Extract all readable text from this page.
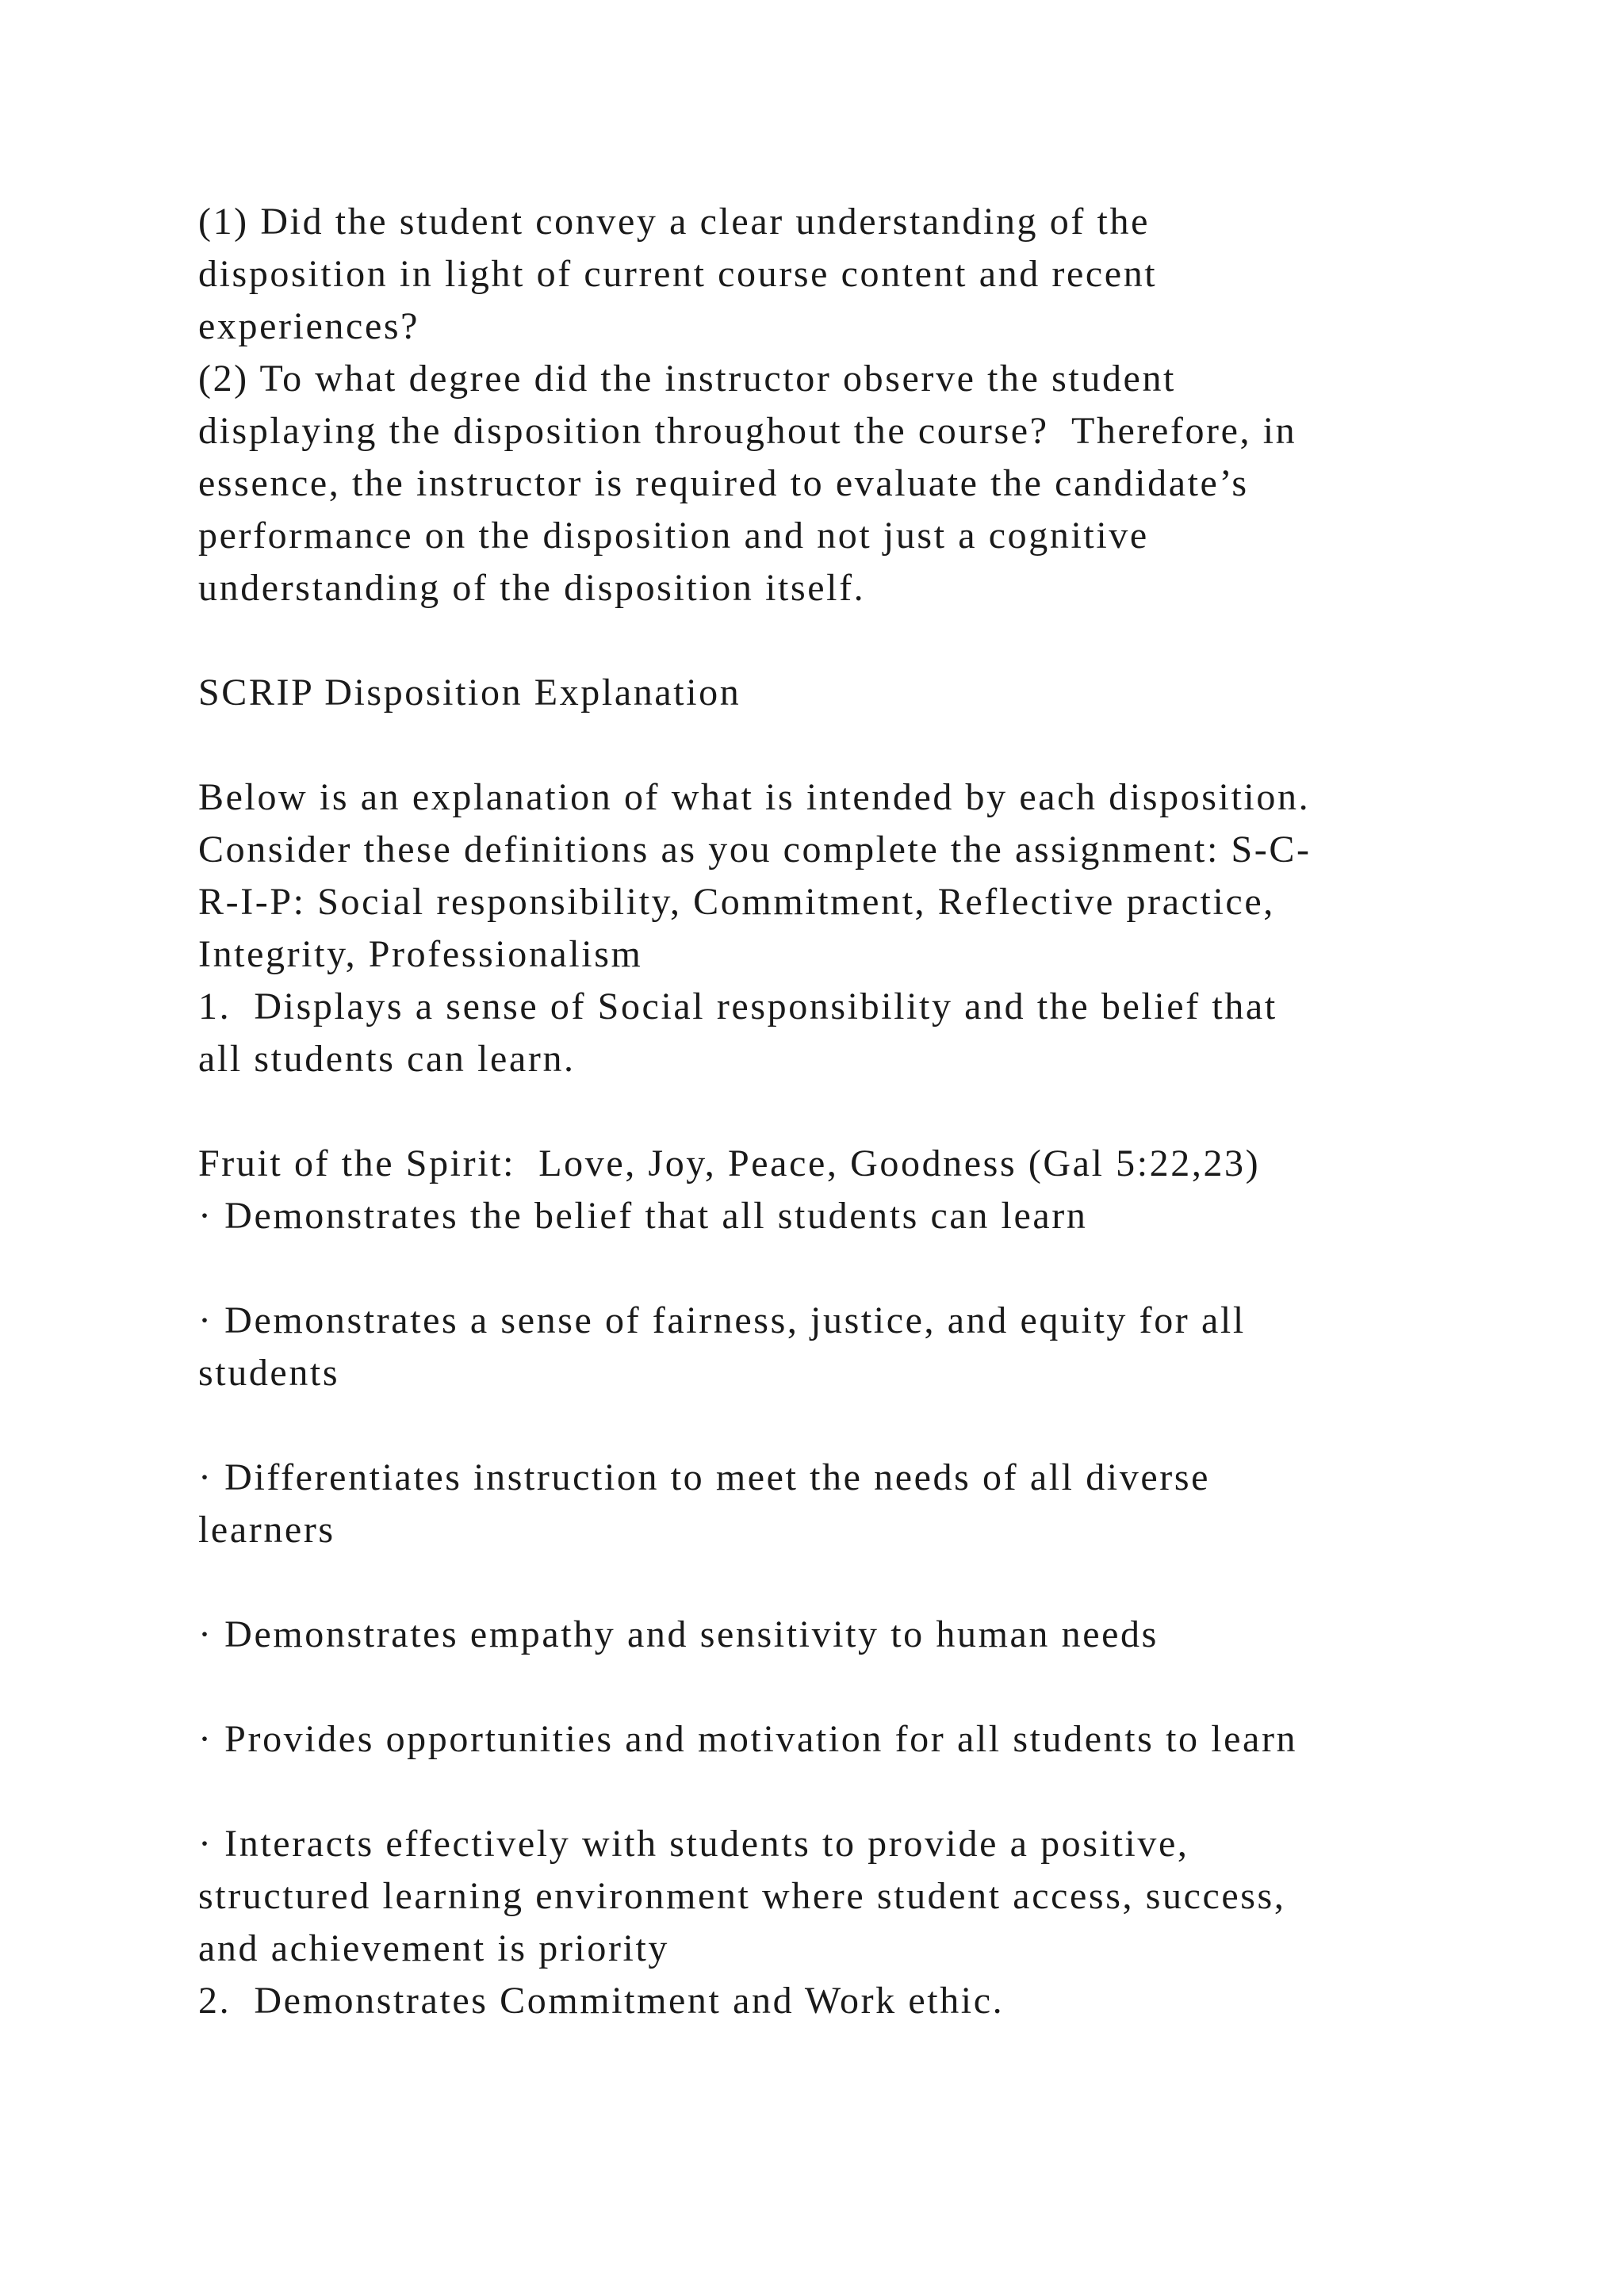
(1) Did the student convey a clear understanding of the
disposition in light of current course content and recent
experiences?
(2) To what degree did the instructor observe the student
displaying the disposition throughout the course?  Therefore, in
essence, the instructor is required to evaluate the candidate’s
performance on the disposition and not just a cognitive
understanding of the disposition itself.
SCRIP Disposition Explanation
Below is an explanation of what is intended by each disposition.
Consider these definitions as you complete the assignment: S-C-
R-I-P: Social responsibility, Commitment, Reflective practice,
Integrity, Professionalism
1.  Displays a sense of Social responsibility and the belief that
all students can learn.
Fruit of the Spirit:  Love, Joy, Peace, Goodness (Gal 5:22,23)
· Demonstrates the belief that all students can learn
· Demonstrates a sense of fairness, justice, and equity for all
students
· Differentiates instruction to meet the needs of all diverse
learners
· Demonstrates empathy and sensitivity to human needs
· Provides opportunities and motivation for all students to learn
· Interacts effectively with students to provide a positive,
structured learning environment where student access, success,
and achievement is priority
2.  Demonstrates Commitment and Work ethic.
